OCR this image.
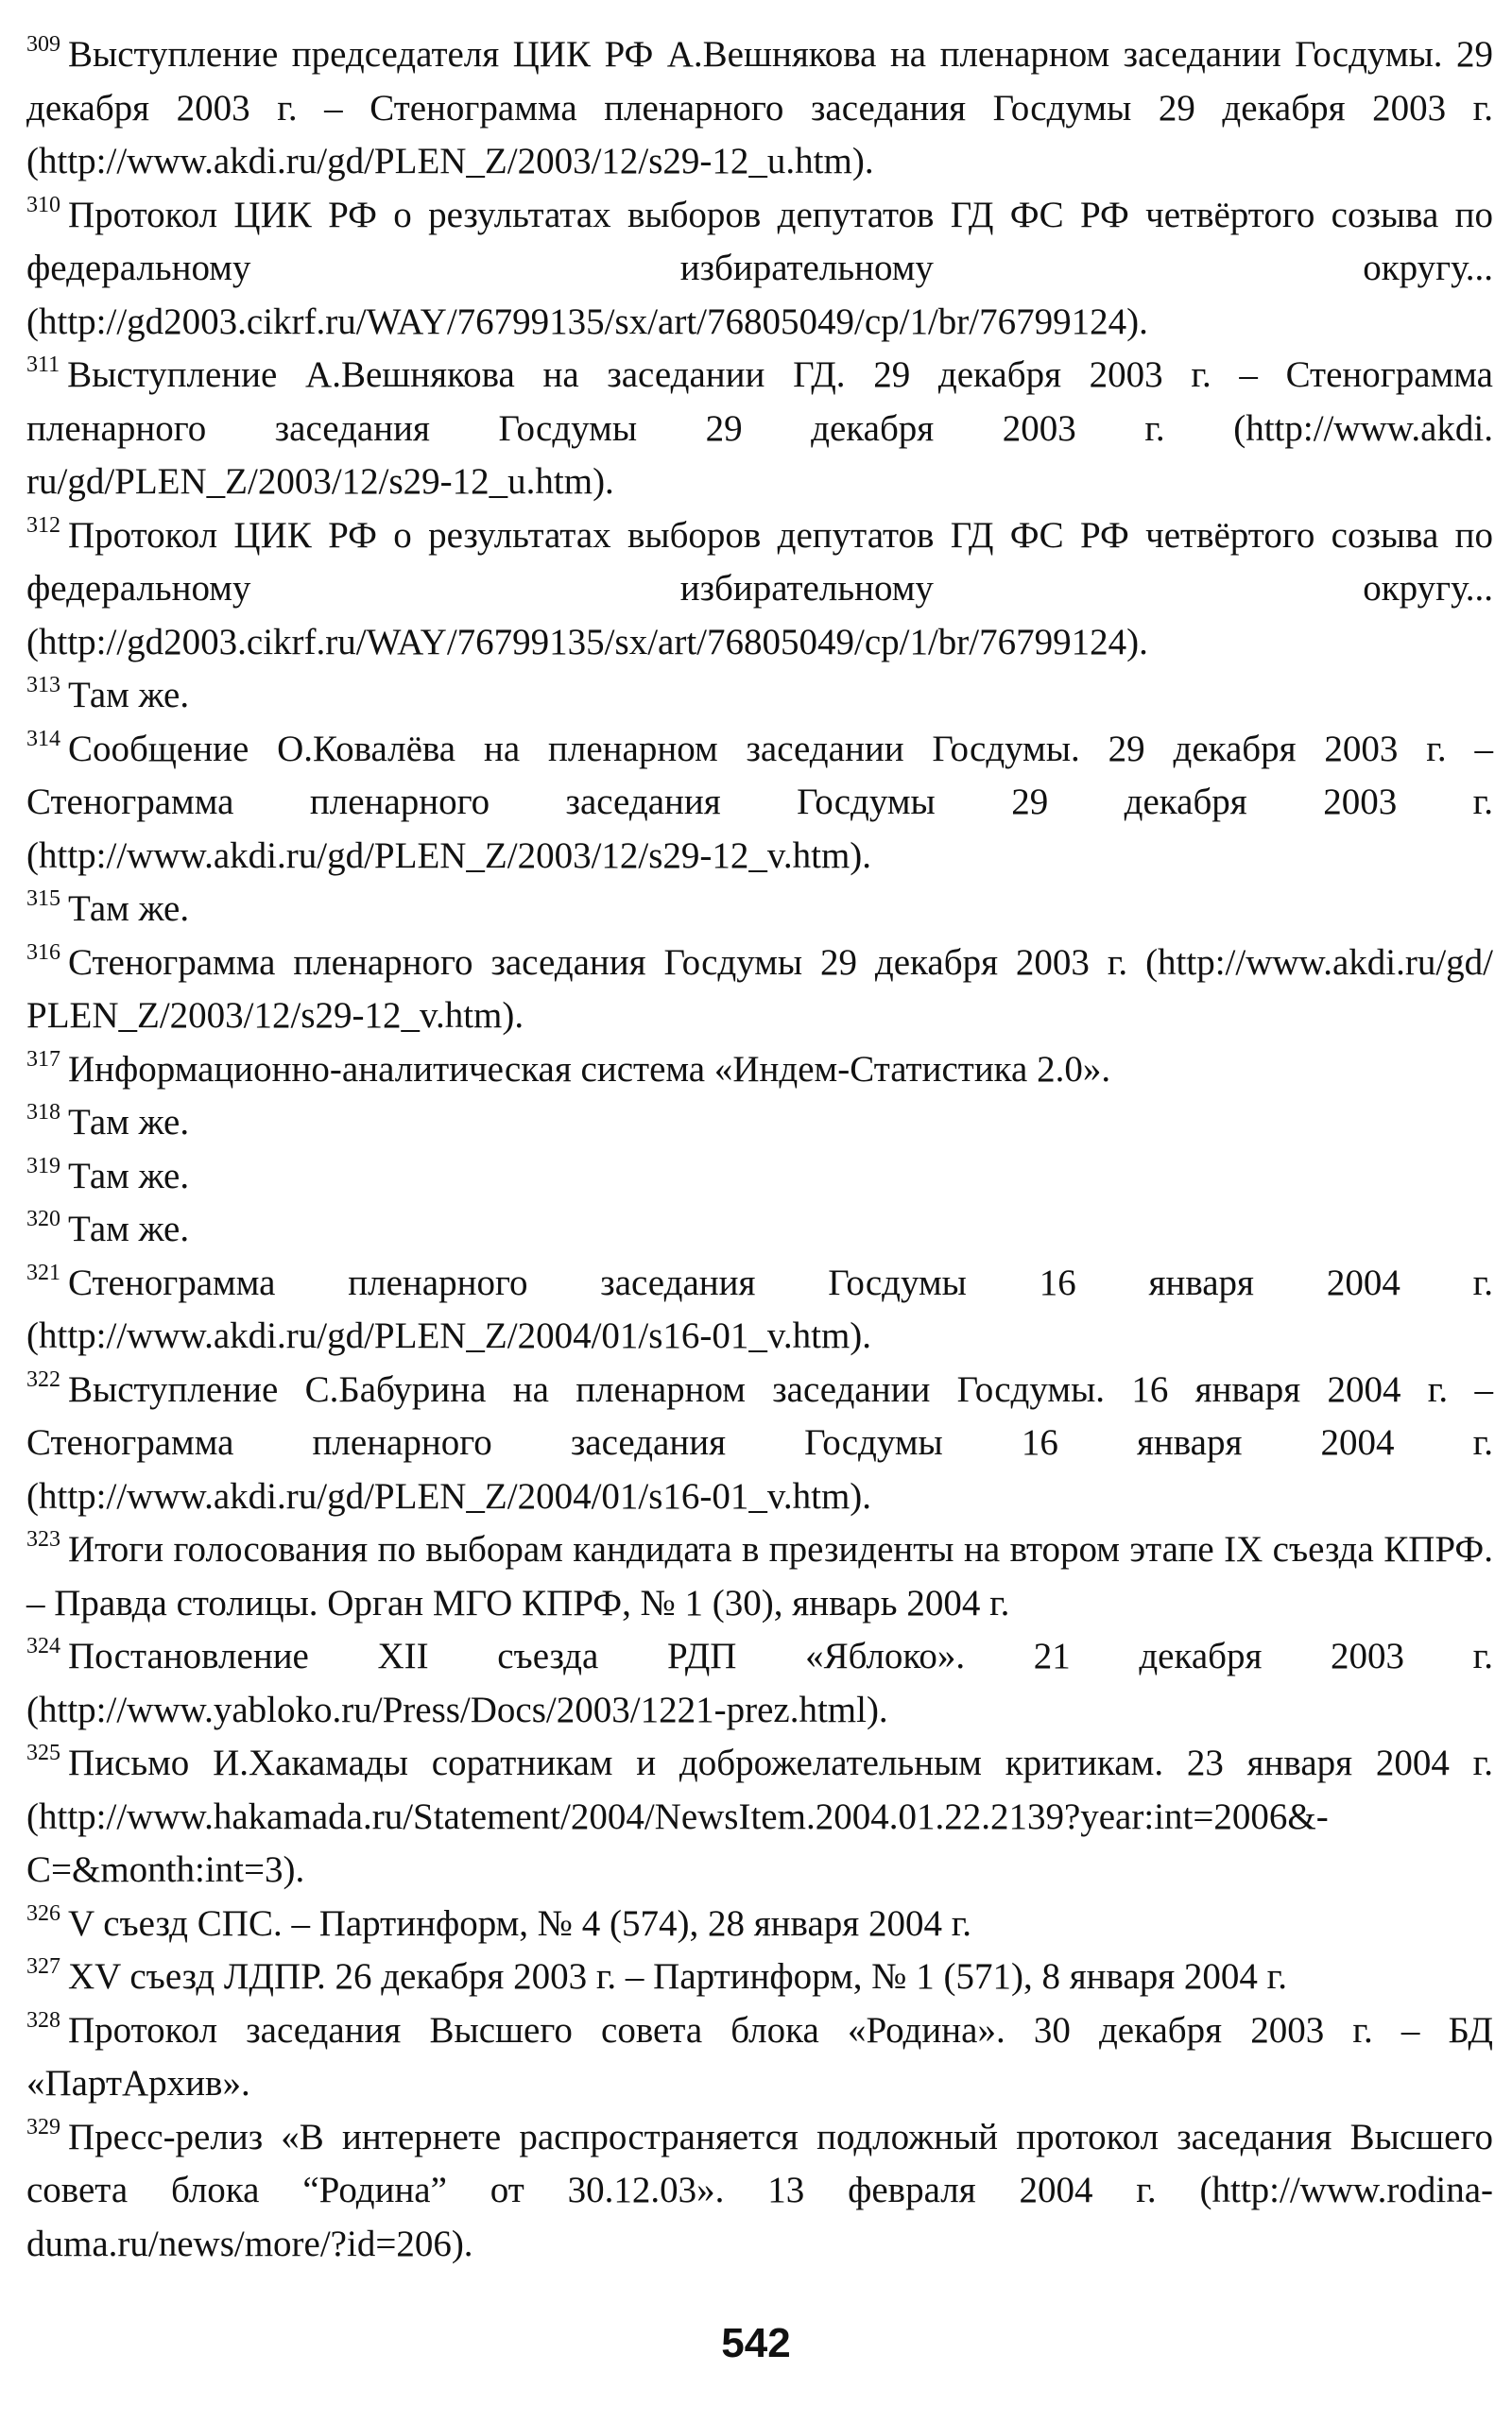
$^{309}$ Выступление председателя ЦИК РФ А.Вешнякова на пленарном заседании Госдумы. 29 декабря 2003 г. – Стенограмма пленарного заседания Госдумы 29 декабря 2003 г. (http://www.akdi.ru/gd/PLEN_Z/2003/12/s29-12_u.htm).

$^{310}$ Протокол ЦИК РФ о результатах выборов депутатов ГД ФС РФ четвёртого созыва по федеральному избирательному округу... (http://gd2003.cikrf.ru/WAY/76799135/sx/art/76805049/cp/1/br/76799124).

$^{311}$ Выступление А.Вешнякова на заседании ГД. 29 декабря 2003 г. – Стенограмма пленарного заседания Госдумы 29 декабря 2003 г. (http://www.akdi. ru/gd/PLEN_Z/2003/12/s29-12_u.htm).

$^{312}$ Протокол ЦИК РФ о результатах выборов депутатов ГД ФС РФ четвёртого созыва по федеральному избирательному округу... (http://gd2003.cikrf.ru/WAY/76799135/sx/art/76805049/cp/1/br/76799124).

$^{313}$ Там же.

$^{314}$ Сообщение О.Ковалёва на пленарном заседании Госдумы. 29 декабря 2003 г. – Стенограмма пленарного заседания Госдумы 29 декабря 2003 г. (http://www.akdi.ru/gd/PLEN_Z/2003/12/s29-12_v.htm).

$^{315}$ Там же.

$^{316}$ Стенограмма пленарного заседания Госдумы 29 декабря 2003 г. (http://www.akdi.ru/gd/ PLEN_Z/2003/12/s29-12_v.htm).

$^{317}$ Информационно-аналитическая система «Индем-Статистика 2.0».

$^{318}$ Там же.

$^{319}$ Там же.

$^{320}$ Там же.

$^{321}$ Стенограмма пленарного заседания Госдумы 16 января 2004 г. (http://www.akdi.ru/gd/PLEN_Z/2004/01/s16-01_v.htm).

$^{322}$ Выступление С.Бабурина на пленарном заседании Госдумы. 16 января 2004 г. – Стенограмма пленарного заседания Госдумы 16 января 2004 г. (http://www.akdi.ru/gd/PLEN_Z/2004/01/s16-01_v.htm).

$^{323}$ Итоги голосования по выборам кандидата в президенты на втором этапе IX съезда КПРФ. – Правда столицы. Орган МГО КПРФ, № 1 (30), январь 2004 г.

$^{324}$ Постановление XII съезда РДП «Яблоко». 21 декабря 2003 г. (http://www.yabloko.ru/Press/Docs/2003/1221-prez.html).

$^{325}$ Письмо И.Хакамады соратникам и доброжелательным критикам. 23 января 2004 г. (http://www.hakamada.ru/Statement/2004/NewsItem.2004.01.22.2139?year:int=2006&-C=&month:int=3).

$^{326}$ V съезд СПС. – Партинформ, № 4 (574), 28 января 2004 г.

$^{327}$ XV съезд ЛДПР. 26 декабря 2003 г. – Партинформ, № 1 (571), 8 января 2004 г.

$^{328}$ Протокол заседания Высшего совета блока «Родина». 30 декабря 2003 г. – БД «ПартАрхив».

$^{329}$ Пресс-релиз «В интернете распространяется подложный протокол заседания Высшего совета блока “Родина” от 30.12.03». 13 февраля 2004 г. (http://www.rodina-duma.ru/news/more/?id=206).

542
